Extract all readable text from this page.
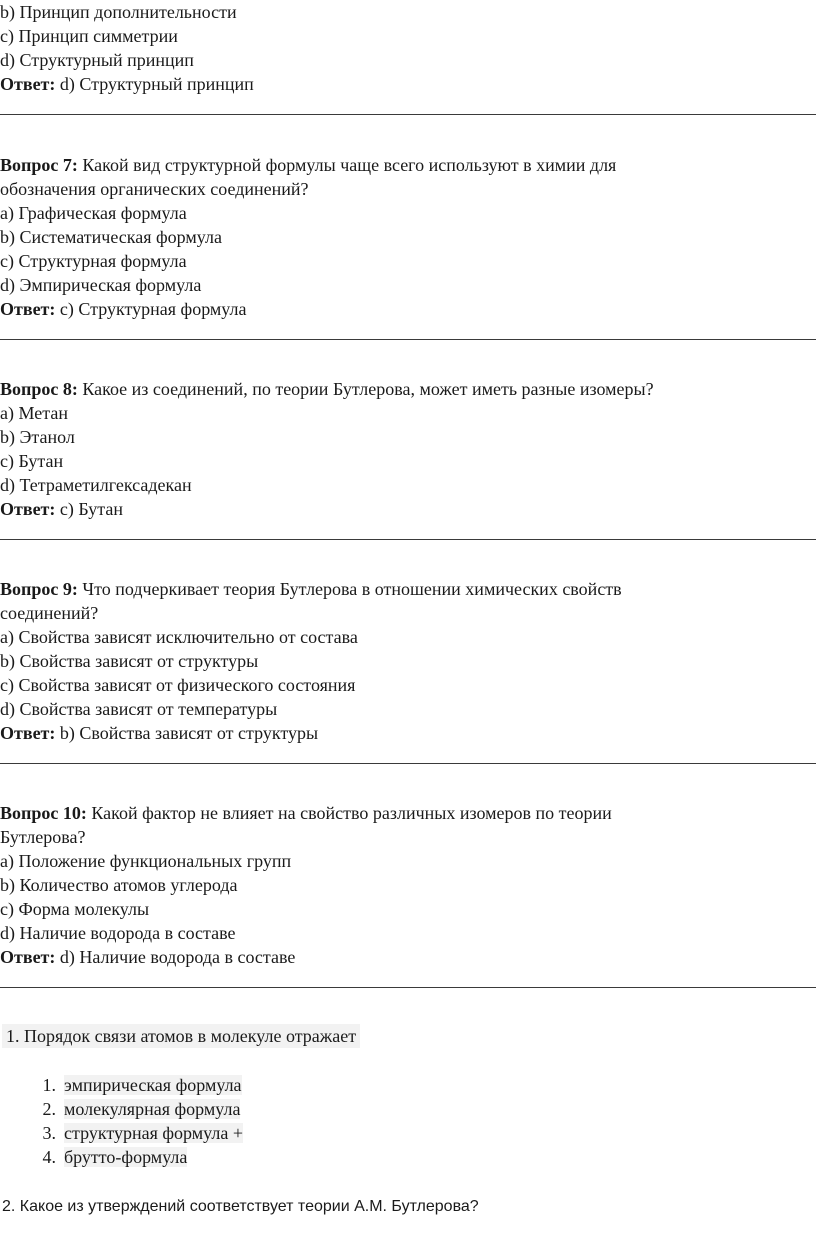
b) Принцип дополнительности
c) Принцип симметрии
d) Структурный принцип
Ответ: d) Структурный принцип
Вопрос 7: Какой вид структурной формулы чаще всего используют в химии для
обозначения органических соединений?
a) Графическая формула
b) Систематическая формула
c) Структурная формула
d) Эмпирическая формула
Ответ: c) Структурная формула
Вопрос 8: Какое из соединений, по теории Бутлерова, может иметь разные изомеры?
a) Метан
b) Этанол
c) Бутан
d) Тетраметилгексадекан
Ответ: c) Бутан
Вопрос 9: Что подчеркивает теория Бутлерова в отношении химических свойств
соединений?
a) Свойства зависят исключительно от состава
b) Свойства зависят от структуры
c) Свойства зависят от физического состояния
d) Свойства зависят от температуры
Ответ: b) Свойства зависят от структуры
Вопрос 10: Какой фактор не влияет на свойство различных изомеров по теории
Бутлерова?
a) Положение функциональных групп
b) Количество атомов углерода
c) Форма молекулы
d) Наличие водорода в составе
Ответ: d) Наличие водорода в составе
1. Порядок связи атомов в молекуле отражает
1. эмпирическая формула
2. молекулярная формула
3. структурная формула +
4. брутто-формула
2. Какое из утверждений соответствует теории А.М. Бутлерова?
